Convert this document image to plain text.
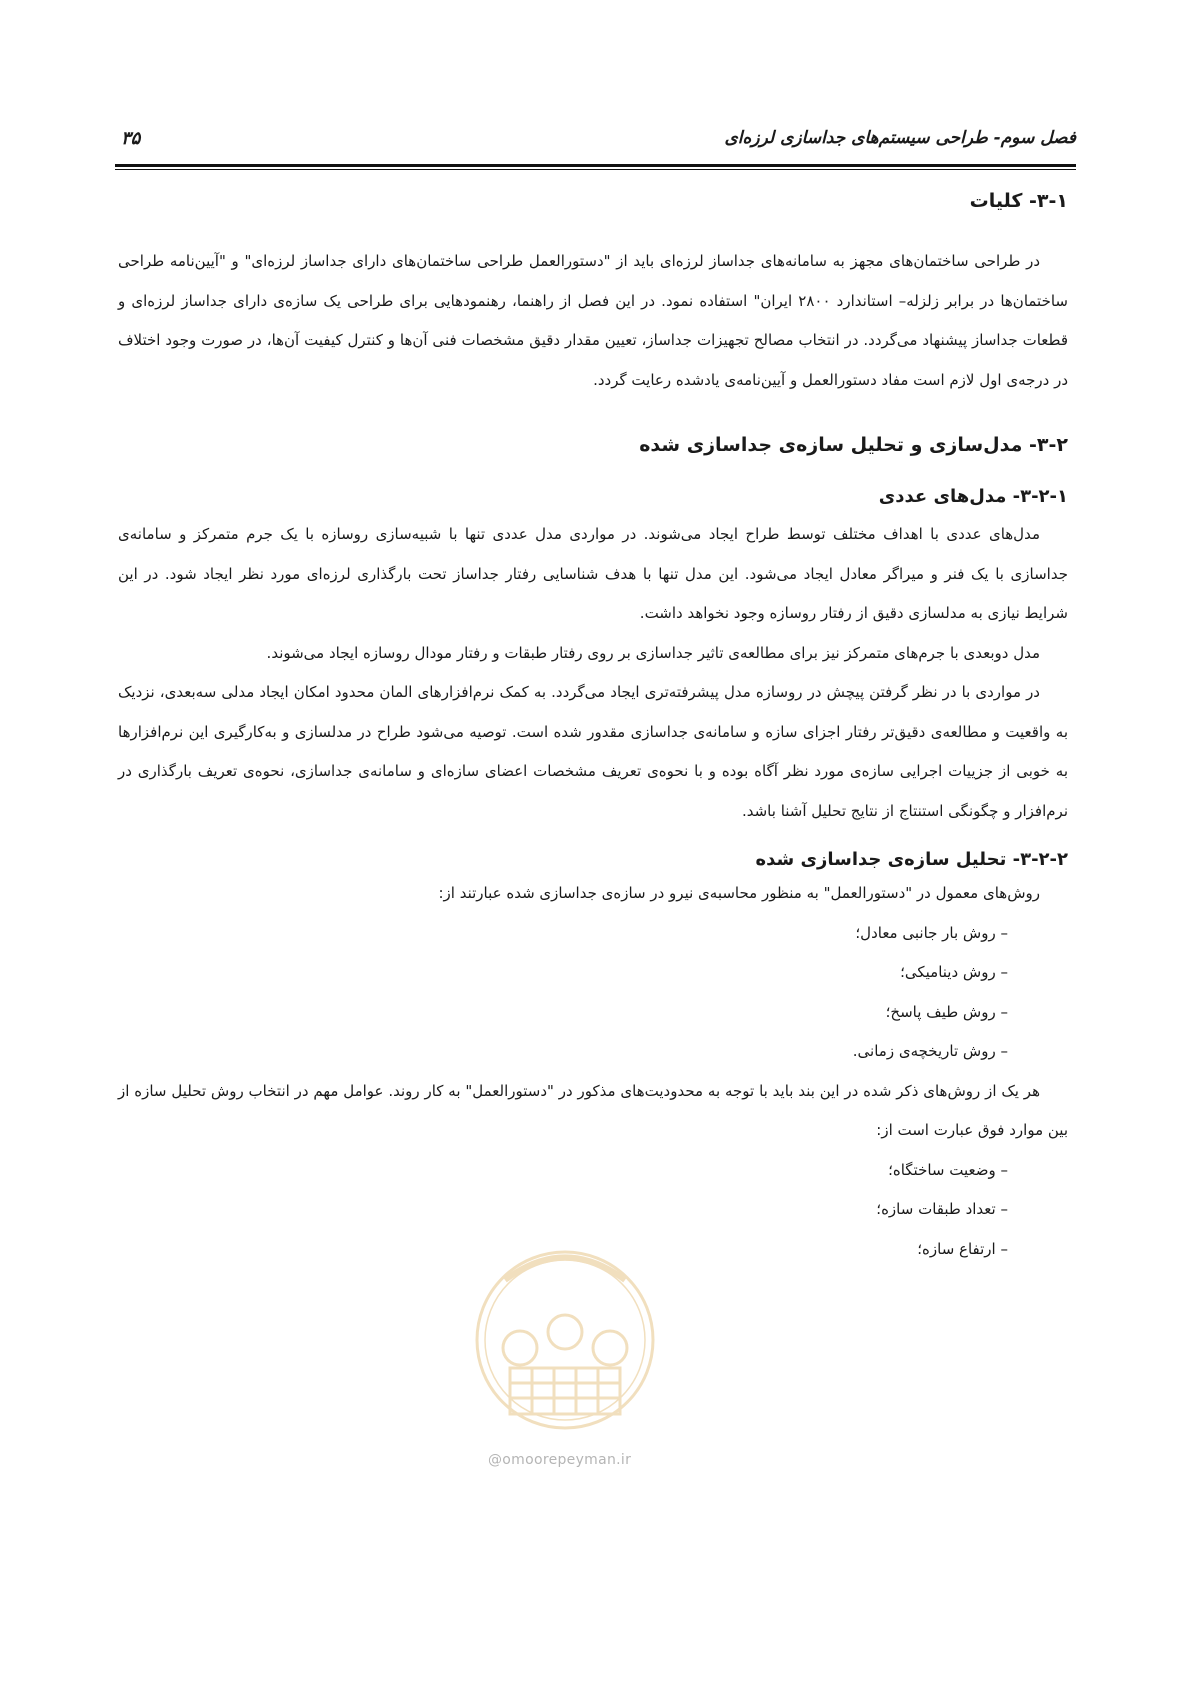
فصل سوم- طراحی سیستم‌های جداسازی لرزه‌ای
۳۵
۳-۱- کلیات

در طراحی ساختمان‌های مجهز به سامانه‌های جداساز لرزه‌ای باید از "دستورالعمل طراحی ساختمان‌های دارای جداساز لرزه‌ای" و "آیین‌نامه طراحی ساختمان‌ها در برابر زلزله– استاندارد ۲۸۰۰ ایران" استفاده نمود. در این فصل از راهنما، رهنمودهایی برای طراحی یک سازه‌ی دارای جداساز لرزه‌ای و قطعات جداساز پیشنهاد می‌گردد. در انتخاب مصالح تجهیزات جداساز، تعیین مقدار دقیق مشخصات فنی آن‌ها و کنترل کیفیت آن‌ها، در صورت وجود اختلاف در درجه‌ی اول لازم است مفاد دستورالعمل و آیین‌نامه‌ی یادشده رعایت گردد.

۳-۲- مدل‌سازی و تحلیل سازه‌ی جداسازی شده
۳-۲-۱- مدل‌های عددی

مدل‌های عددی با اهداف مختلف توسط طراح ایجاد می‌شوند. در مواردی مدل عددی تنها با شبیه‌سازی روسازه با یک جرم متمرکز و سامانه‌ی جداسازی با یک فنر و میراگر معادل ایجاد می‌شود. این مدل تنها با هدف شناسایی رفتار جداساز تحت بارگذاری لرزه‌ای مورد نظر ایجاد شود. در این شرایط نیازی به مدلسازی دقیق از رفتار روسازه وجود نخواهد داشت.

مدل دوبعدی با جرم‌های متمرکز نیز برای مطالعه‌ی تاثیر جداسازی بر روی رفتار طبقات و رفتار مودال روسازه ایجاد می‌شوند.

در مواردی با در نظر گرفتن پیچش در روسازه مدل پیشرفته‌تری ایجاد می‌گردد. به کمک نرم‌افزارهای المان محدود امکان ایجاد مدلی سه‌بعدی، نزدیک به واقعیت و مطالعه‌ی دقیق‌تر رفتار اجزای سازه و سامانه‌ی جداسازی مقدور شده است. توصیه می‌شود طراح در مدلسازی و به‌کارگیری این نرم‌افزارها به خوبی از جزییات اجرایی سازه‌ی مورد نظر آگاه بوده و با نحوه‌ی تعریف مشخصات اعضای سازه‌ای و سامانه‌ی جداسازی، نحوه‌ی تعریف بارگذاری در نرم‌افزار و چگونگی استنتاج از نتایج تحلیل آشنا باشد.

۳-۲-۲- تحلیل سازه‌ی جداسازی شده

روش‌های معمول در "دستورالعمل" به منظور محاسبه‌ی نیرو در سازه‌ی جداسازی شده عبارتند از:

– روش بار جانبی معادل؛
– روش دینامیکی؛
– روش طیف پاسخ؛
– روش تاریخچه‌ی زمانی.

هر یک از روش‌های ذکر شده در این بند باید با توجه به محدودیت‌های مذکور در "دستورالعمل" به کار روند. عوامل مهم در انتخاب روش تحلیل سازه از بین موارد فوق عبارت است از:

– وضعیت ساختگاه؛
– تعداد طبقات سازه؛
– ارتفاع سازه؛
@omoorepeyman.ir
